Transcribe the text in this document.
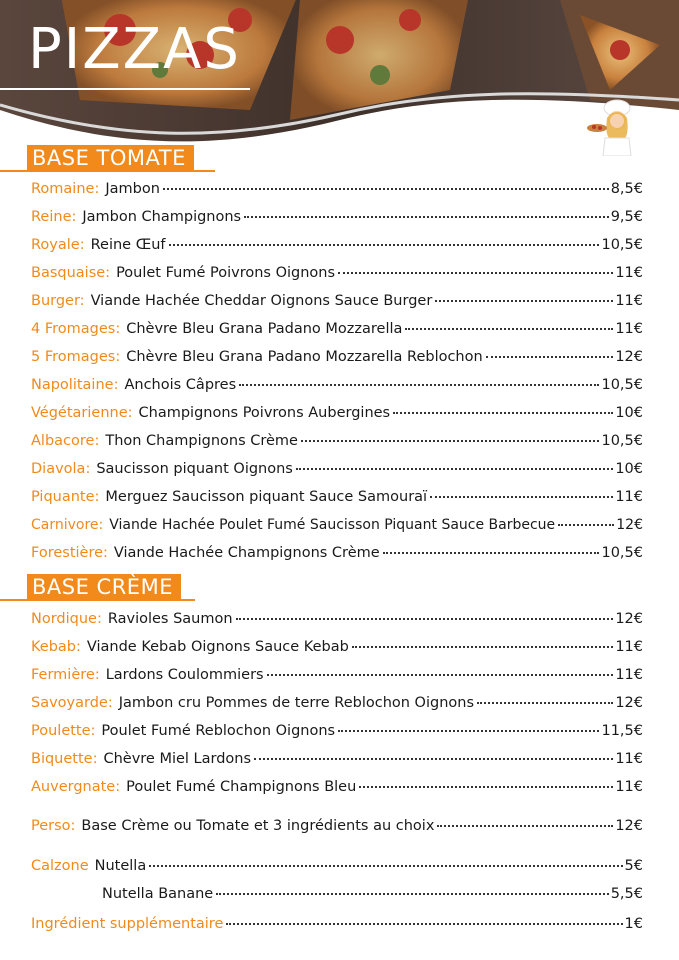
PIZZAS
BASE TOMATE
Romaine: Jambon	8,5€
Reine: Jambon Champignons	9,5€
Royale: Reine Œuf	10,5€
Basquaise: Poulet Fumé Poivrons Oignons	11€
Burger: Viande Hachée Cheddar Oignons Sauce Burger	11€
4 Fromages: Chèvre Bleu Grana Padano Mozzarella	11€
5 Fromages: Chèvre Bleu Grana Padano Mozzarella Reblochon	12€
Napolitaine: Anchois Câpres	10,5€
Végétarienne: Champignons Poivrons Aubergines	10€
Albacore: Thon Champignons Crème	10,5€
Diavola: Saucisson piquant Oignons	10€
Piquante: Merguez Saucisson piquant Sauce Samouraï	11€
Carnivore: Viande Hachée Poulet Fumé Saucisson Piquant Sauce Barbecue	12€
Forestière: Viande Hachée Champignons Crème	10,5€
BASE CRÈME
Nordique: Ravioles Saumon	12€
Kebab: Viande Kebab Oignons Sauce Kebab	11€
Fermière: Lardons Coulommiers	11€
Savoyarde: Jambon cru Pommes de terre Reblochon Oignons	12€
Poulette: Poulet Fumé Reblochon Oignons	11,5€
Biquette: Chèvre Miel Lardons	11€
Auvergnate: Poulet Fumé Champignons Bleu	11€
Perso: Base Crème ou Tomate et 3 ingrédients au choix	12€
Calzone Nutella	5€
Nutella Banane	5,5€
Ingrédient supplémentaire	1€
